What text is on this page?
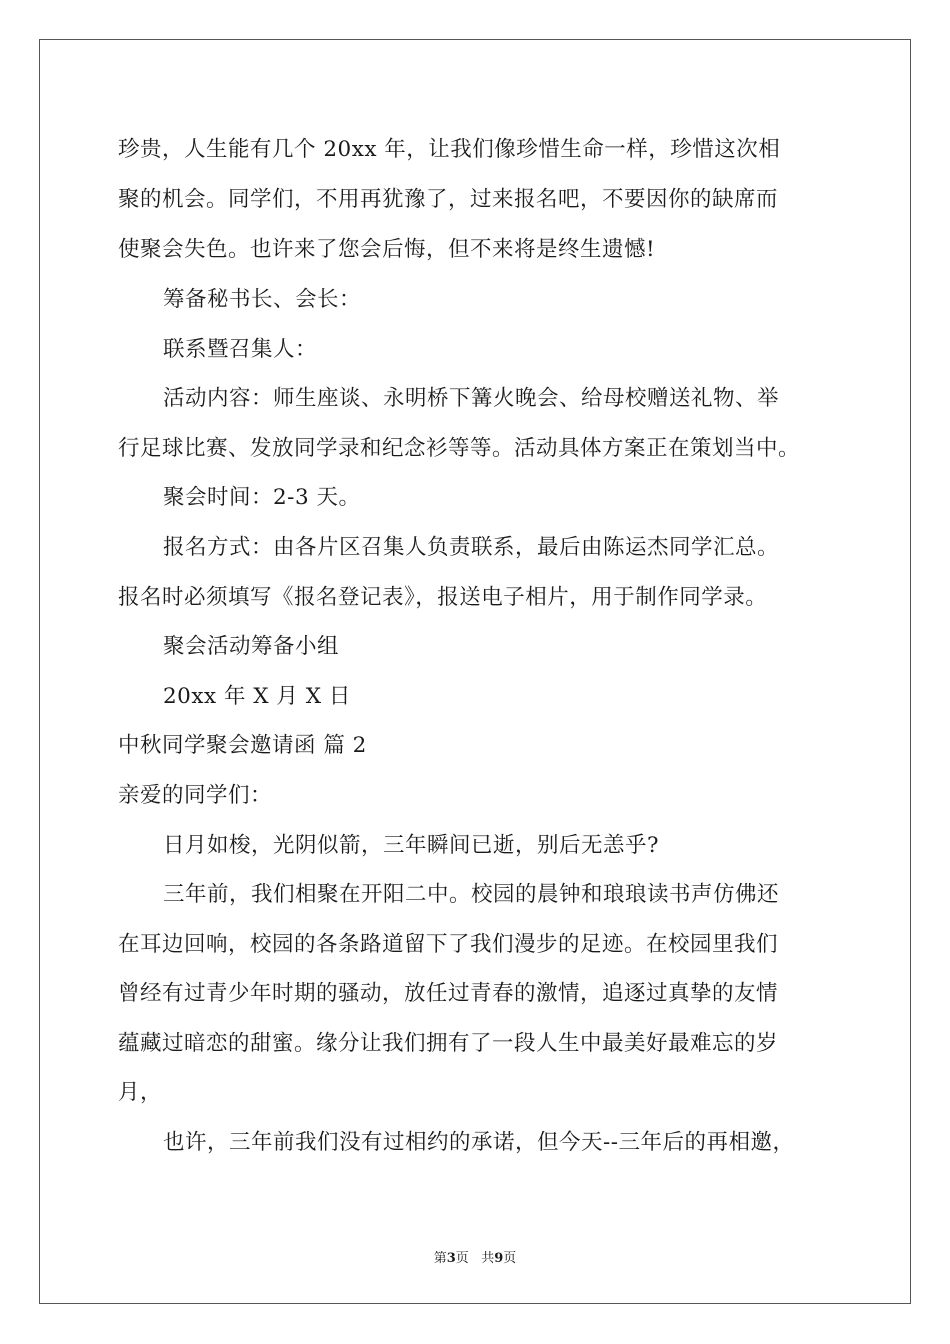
珍贵，人生能有几个 20xx 年，让我们像珍惜生命一样，珍惜这次相
聚的机会。同学们，不用再犹豫了，过来报名吧，不要因你的缺席而
使聚会失色。也许来了您会后悔，但不来将是终生遗憾!
筹备秘书长、会长：
联系暨召集人：
活动内容：师生座谈、永明桥下篝火晚会、给母校赠送礼物、举
行足球比赛、发放同学录和纪念衫等等。活动具体方案正在策划当中。
聚会时间：2-3 天。
报名方式：由各片区召集人负责联系，最后由陈运杰同学汇总。
报名时必须填写《报名登记表》，报送电子相片，用于制作同学录。
聚会活动筹备小组
20xx 年 X 月 X 日
中秋同学聚会邀请函 篇 2
亲爱的同学们：
日月如梭，光阴似箭，三年瞬间已逝，别后无恙乎?
三年前，我们相聚在开阳二中。校园的晨钟和琅琅读书声仿佛还
在耳边回响，校园的各条路道留下了我们漫步的足迹。在校园里我们
曾经有过青少年时期的骚动，放任过青春的激情，追逐过真挚的友情
蕴藏过暗恋的甜蜜。缘分让我们拥有了一段人生中最美好最难忘的岁
月，
也许，三年前我们没有过相约的承诺，但今天--三年后的再相邀，
第3页 共9页
